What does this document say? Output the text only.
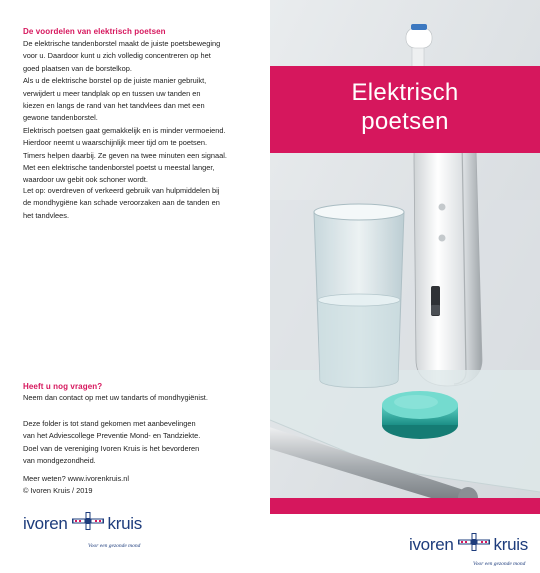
De voordelen van elektrisch poetsen

De elektrische tandenborstel maakt de juiste poetsbeweging
voor u. Daardoor kunt u zich volledig concentreren op het
goed plaatsen van de borstelkop.
Als u de elektrische borstel op de juiste manier gebruikt,
verwijdert u meer tandplak op en tussen uw tanden en
kiezen en langs de rand van het tandvlees dan met een
gewone tandenborstel.
Elektrisch poetsen gaat gemakkelijk en is minder vermoeiend.
Hierdoor neemt u waarschijnlijk meer tijd om te poetsen.
Timers helpen daarbij. Ze geven na twee minuten een signaal.
Met een elektrische tandenborstel poetst u meestal langer,
waardoor uw gebit ook schoner wordt.

Let op: overdreven of verkeerd gebruik van hulpmiddelen bij
de mondhygiëne kan schade veroorzaken aan de tanden en
het tandvlees.

Heeft u nog vragen?

Neem dan contact op met uw tandarts of mondhygiënist.

Deze folder is tot stand gekomen met aanbevelingen
van het Adviescollege Preventie Mond- en Tandziekte.
Doel van de vereniging Ivoren Kruis is het bevorderen
van mondgezondheid.

Meer weten? www.ivorenkruis.nl
© Ivoren Kruis / 2019

ivoren kruis
Voor een gezonde mond
Elektrisch
poetsen
ivoren kruis
Voor een gezonde mond
